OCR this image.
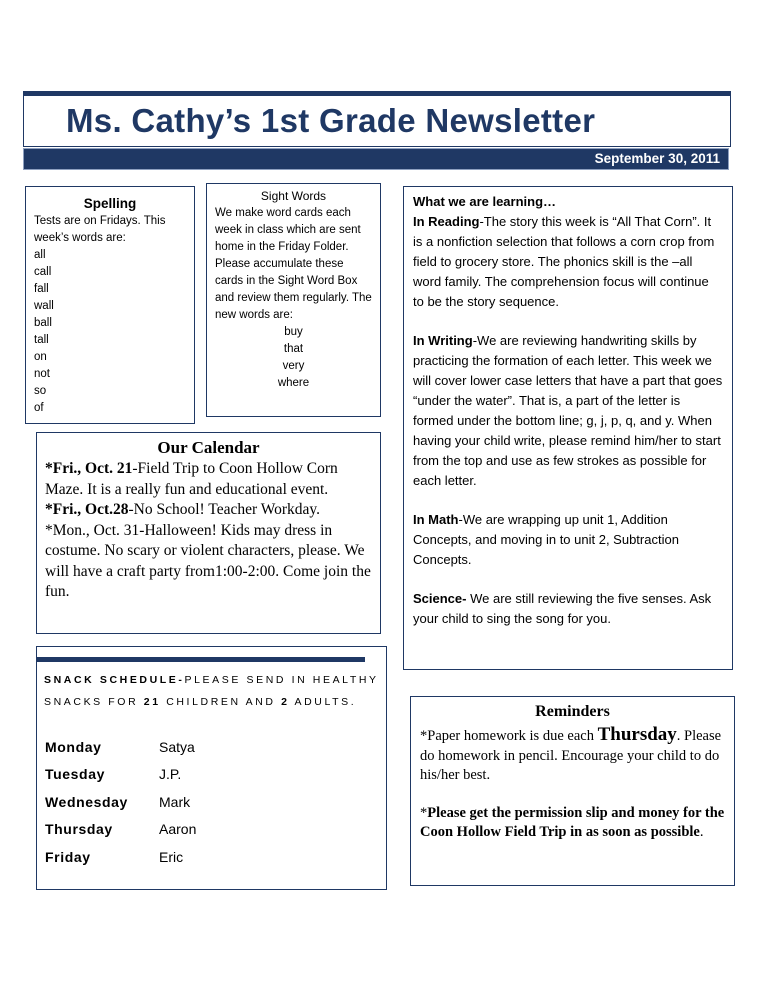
Ms. Cathy’s 1st Grade Newsletter
September 30, 2011
Spelling
Tests are on Fridays. This week’s words are:
all
call
fall
wall
ball
tall
on
not
so
of
Sight Words
We make word cards each week in class which are sent home in the Friday Folder. Please accumulate these cards in the Sight Word Box and review them regularly. The new words are:
buy
that
very
where
Our Calendar

*Fri., Oct. 21-Field Trip to Coon Hollow Corn Maze. It is a really fun and educational event.

*Fri., Oct.28-No School! Teacher Workday.

*Mon., Oct. 31-Halloween! Kids may dress in costume. No scary or violent characters, please. We will have a craft party from1:00-2:00. Come join the fun.

SNACK SCHEDULE-PLEASE SEND IN HEALTHY SNACKS FOR 21 CHILDREN AND 2 ADULTS.
Monday	Satya
Tuesday	J.P.
Wednesday	Mark
Thursday	Aaron
Friday	Eric
What we are learning…

In Reading-The story this week is “All That Corn”. It is a nonfiction selection that follows a corn crop from field to grocery store. The phonics skill is the –all word family. The comprehension focus will continue to be the story sequence.

In Writing-We are reviewing handwriting skills by practicing the formation of each letter. This week we will cover lower case letters that have a part that goes “under the water”. That is, a part of the letter is formed under the bottom line; g, j, p, q, and y. When having your child write, please remind him/her to start from the top and use as few strokes as possible for each letter.

In Math-We are wrapping up unit 1, Addition Concepts, and moving in to unit 2, Subtraction Concepts.

Science- We are still reviewing the five senses. Ask your child to sing the song for you.

Reminders

*Paper homework is due each Thursday. Please do homework in pencil. Encourage your child to do his/her best.

*Please get the permission slip and money for the Coon Hollow Field Trip in as soon as possible.
